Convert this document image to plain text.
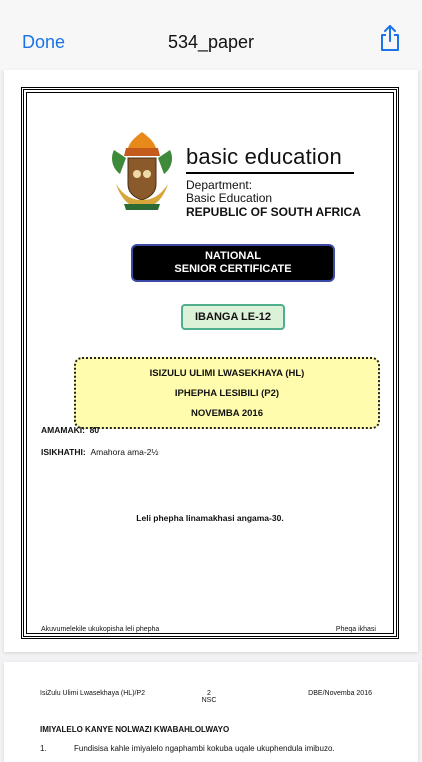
Done	534_paper
basic education
Department:
Basic Education
REPUBLIC OF SOUTH AFRICA
NATIONAL
SENIOR CERTIFICATE
IBANGA LE-12
ISIZULU ULIMI LWASEKHAYA (HL)
IPHEPHA LESIBILI (P2)
NOVEMBA 2016
AMAMAKI: 80
ISIKHATHI: Amahora ama-2½
Leli phepha linamakhasi angama-30.
Akuvumelekile ukukopisha leli phepha	Pheqa ikhasi
IsiZulu Ulimi Lwasekhaya (HL)/P2	2
NSC
DBE/Novemba 2016
IMIYALELO KANYE NOLWAZI KWABAHLOLWAYO
1.	Fundisisa kahle imiyalelo ngaphambi kokuba uqale ukuphendula imibuzo.
